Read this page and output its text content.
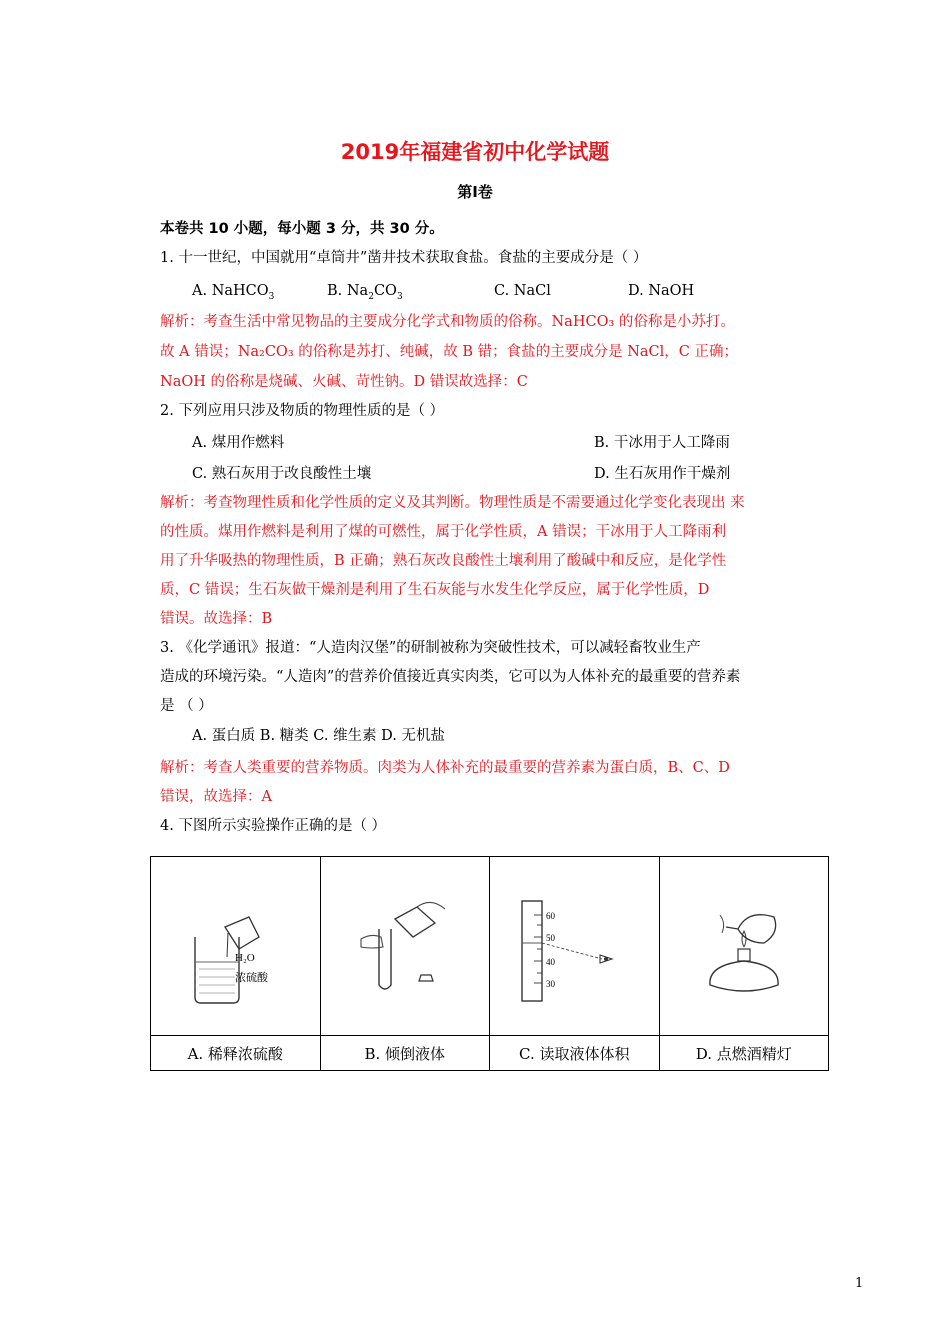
2019年福建省初中化学试题
第Ⅰ卷
本卷共 10 小题，每小题 3 分，共 30 分。
1. 十一世纪，中国就用“卓筒井”凿井技术获取食盐。食盐的主要成分是（ ）
A. NaHCO$_3$	B. $Na_2CO_3$	C. NaCl	D. NaOH
解析：考查生活中常见物品的主要成分化学式和物质的俗称。NaHCO₃ 的俗称是小苏打。
故 A 错误；Na₂CO₃ 的俗称是苏打、纯碱，故 B 错；食盐的主要成分是 NaCl，C 正确；
NaOH 的俗称是烧碱、火碱、苛性钠。D 错误故选择：C
2. 下列应用只涉及物质的物理性质的是（ ）
A. 煤用作燃料	B. 干冰用于人工降雨
C. 熟石灰用于改良酸性土壤	D. 生石灰用作干燥剂
解析：考查物理性质和化学性质的定义及其判断。物理性质是不需要通过化学变化表现出 来
的性质。煤用作燃料是利用了煤的可燃性，属于化学性质，A 错误；干冰用于人工降雨利
用了升华吸热的物理性质，B 正确；熟石灰改良酸性土壤利用了酸碱中和反应，是化学性
质，C 错误；生石灰做干燥剂是利用了生石灰能与水发生化学反应，属于化学性质，D
错误。故选择：B
3. 《化学通讯》报道：“人造肉汉堡”的研制被称为突破性技术，可以减轻畜牧业生产
造成的环境污染。“人造肉”的营养价值接近真实肉类，它可以为人体补充的最重要的营养素
是 （ ）
A. 蛋白质 B. 糖类 C. 维生素 D. 无机盐
解析：考查人类重要的营养物质。肉类为人体补充的最重要的营养素为蛋白质，B、C、D
错误，故选择：A
4. 下图所示实验操作正确的是（ ）
H₂O
浓硫酸		60
50
40
30

A. 稀释浓硫酸	B. 倾倒液体	C. 读取液体体积	D. 点燃酒精灯
1
